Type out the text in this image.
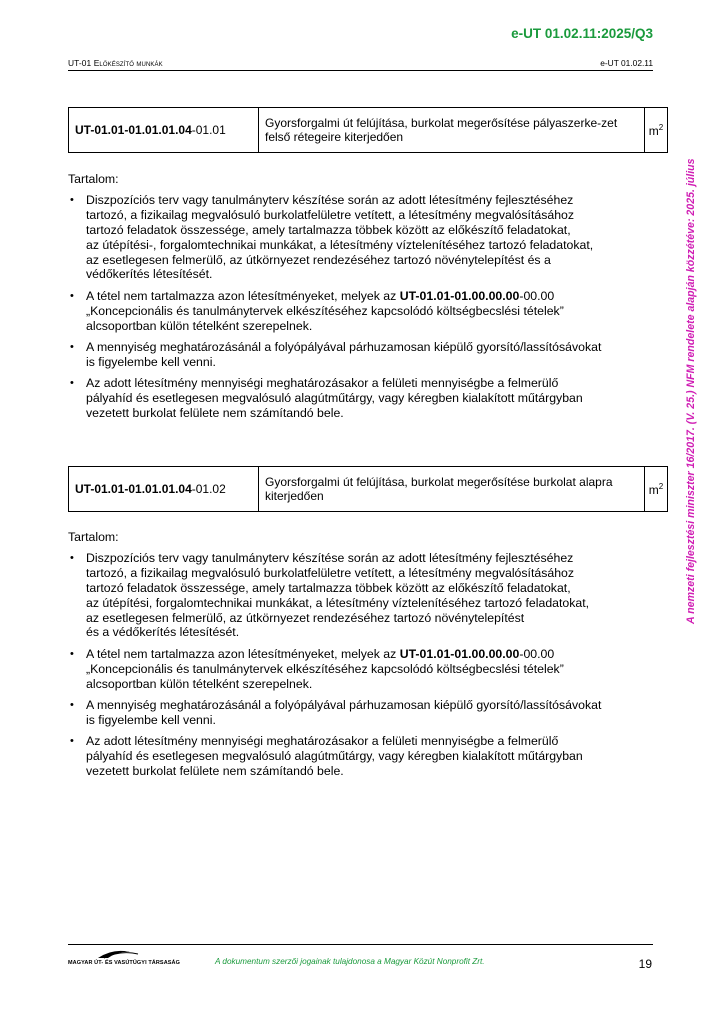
e-UT 01.02.11:2025/Q3
UT-01 Előkészítő munkák	e-UT 01.02.11
A nemzeti fejlesztési miniszter 16/2017. (V. 25.) NFM rendelete alapján közzétéve: 2025. július
UT-01.01-01.01.01.04-01.01	Gyorsforgalmi út felújítása, burkolat megerősítése pályaszerke-zet felső rétegeire kiterjedően	$m^2$

Tartalom:

• Diszpozíciós terv vagy tanulmányterv készítése során az adott létesítmény fejlesztéséhez
tartozó, a fizikailag megvalósuló burkolatfelületre vetített, a létesítmény megvalósításához
tartozó feladatok összessége, amely tartalmazza többek között az előkészítő feladatokat,
az útépítési-, forgalomtechnikai munkákat, a létesítmény víztelenítéséhez tartozó feladatokat,
az esetlegesen felmerülő, az útkörnyezet rendezéséhez tartozó növénytelepítést és a
védőkerítés létesítését.
• A tétel nem tartalmazza azon létesítményeket, melyek az UT-01.01-01.00.00.00-00.00
„Koncepcionális és tanulmánytervek elkészítéséhez kapcsolódó költségbecslési tételek”
alcsoportban külön tételként szerepelnek.
• A mennyiség meghatározásánál a folyópályával párhuzamosan kiépülő gyorsító/lassítósávokat
is figyelembe kell venni.
• Az adott létesítmény mennyiségi meghatározásakor a felületi mennyiségbe a felmerülő
pályahíd és esetlegesen megvalósuló alagútműtárgy, vagy kéregben kialakított műtárgyban
vezetett burkolat felülete nem számítandó bele.
UT-01.01-01.01.01.04-01.02	Gyorsforgalmi út felújítása, burkolat megerősítése burkolat alapra kiterjedően	$m^2$

Tartalom:

• Diszpozíciós terv vagy tanulmányterv készítése során az adott létesítmény fejlesztéséhez
tartozó, a fizikailag megvalósuló burkolatfelületre vetített, a létesítmény megvalósításához
tartozó feladatok összessége, amely tartalmazza többek között az előkészítő feladatokat,
az útépítési, forgalomtechnikai munkákat, a létesítmény víztelenítéséhez tartozó feladatokat,
az esetlegesen felmerülő, az útkörnyezet rendezéséhez tartozó növénytelepítést
és a védőkerítés létesítését.
• A tétel nem tartalmazza azon létesítményeket, melyek az UT-01.01-01.00.00.00-00.00
„Koncepcionális és tanulmánytervek elkészítéséhez kapcsolódó költségbecslési tételek”
alcsoportban külön tételként szerepelnek.
• A mennyiség meghatározásánál a folyópályával párhuzamosan kiépülő gyorsító/lassítósávokat
is figyelembe kell venni.
• Az adott létesítmény mennyiségi meghatározásakor a felületi mennyiségbe a felmerülő
pályahíd és esetlegesen megvalósuló alagútműtárgy, vagy kéregben kialakított műtárgyban
vezetett burkolat felülete nem számítandó bele.
MAGYAR ÚT- ÉS VASÚTÜGYI TÁRSASÁG	A dokumentum szerzői jogainak tulajdonosa a Magyar Közút Nonprofit Zrt.	19
